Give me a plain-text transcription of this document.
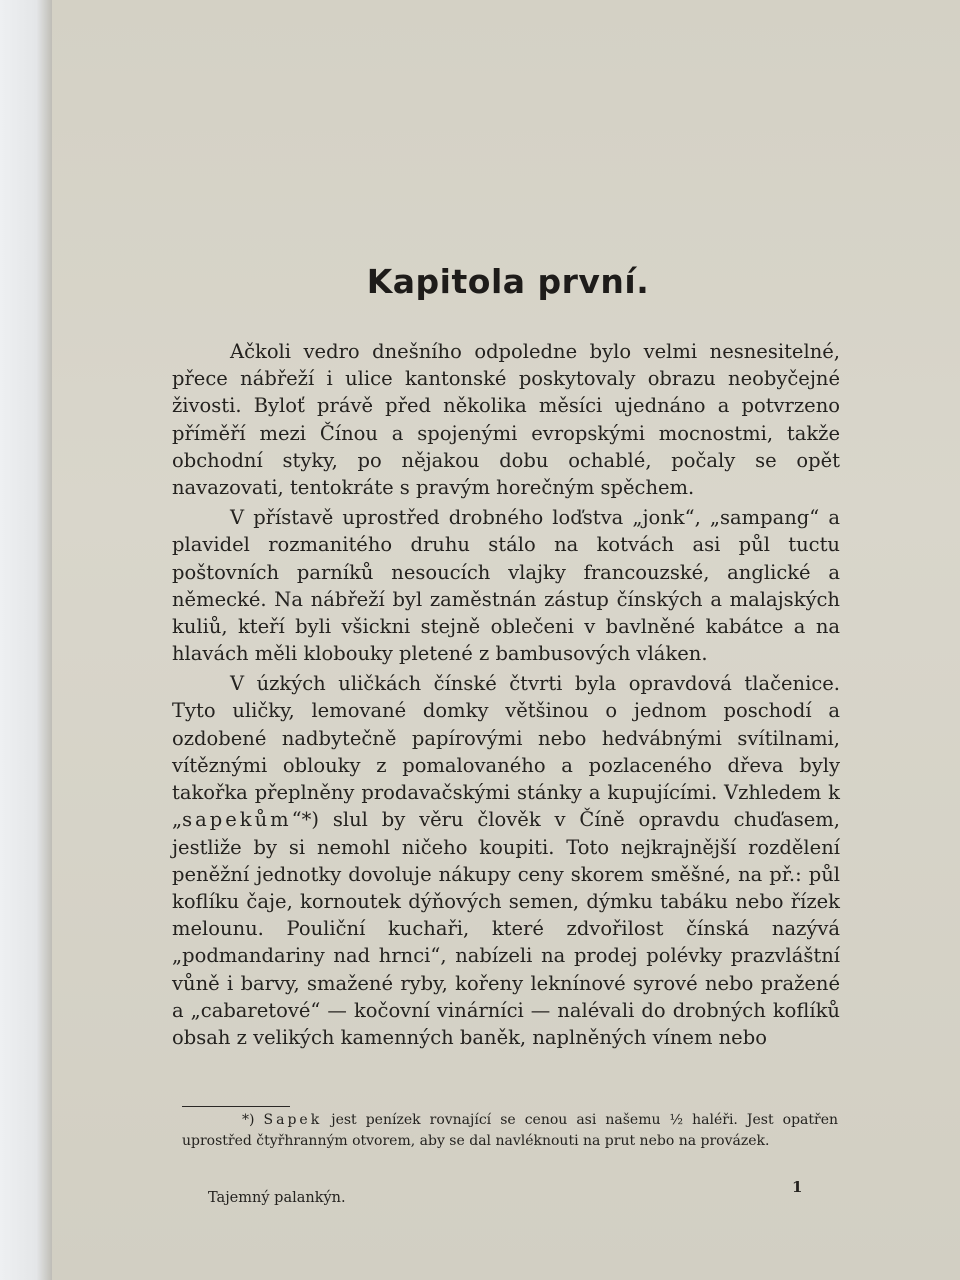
Kapitola první.

Ačkoli vedro dnešního odpoledne bylo velmi nesnesitelné, přece nábřeží i ulice kantonské poskytovaly obrazu neobyčejné živosti. Byloť právě před několika měsíci ujednáno a potvrzeno příměří mezi Čínou a spojenými evropskými mocnostmi, takže obchodní styky, po nějakou dobu ochablé, počaly se opět navazovati, tentokráte s pravým horečným spěchem.

V přístavě uprostřed drobného loďstva „jonk“, „sampang“ a plavidel rozmanitého druhu stálo na kotvách asi půl tuctu poštovních parníků nesoucích vlajky francouzské, anglické a německé. Na nábřeží byl zaměstnán zástup čínských a malajských kuliů, kteří byli všickni stejně oblečeni v bavlněné kabátce a na hlavách měli klobouky pletené z bambusových vláken.

V úzkých uličkách čínské čtvrti byla opravdová tlačenice. Tyto uličky, lemované domky většinou o jednom poschodí a ozdobené nadbytečně papírovými nebo hedvábnými svítilnami, vítěznými oblouky z pomalovaného a pozlaceného dřeva byly takořka přeplněny prodavačskými stánky a kupujícími. Vzhledem k „sapekům“*) slul by věru člověk v Číně opravdu chuďasem, jestliže by si nemohl ničeho koupiti. Toto nejkrajnější rozdělení peněžní jednotky dovoluje nákupy ceny skorem směšné, na př.: půl koflíku čaje, kornoutek dýňových semen, dýmku tabáku nebo řízek melounu. Pouliční kuchaři, které zdvořilost čínská nazývá „podmandariny nad hrnci“, nabízeli na prodej polévky prazvláštní vůně i barvy, smažené ryby, kořeny leknínové syrové nebo pražené a „cabaretové“ — kočovní vinárníci — nalévali do drobných koflíků obsah z velikých kamenných baněk, naplněných vínem nebo

*) Sapek jest penízek rovnající se cenou asi našemu ½ haléři. Jest opatřen uprostřed čtyřhranným otvorem, aby se dal navléknouti na prut nebo na provázek.

Tajemný palankýn.

1
